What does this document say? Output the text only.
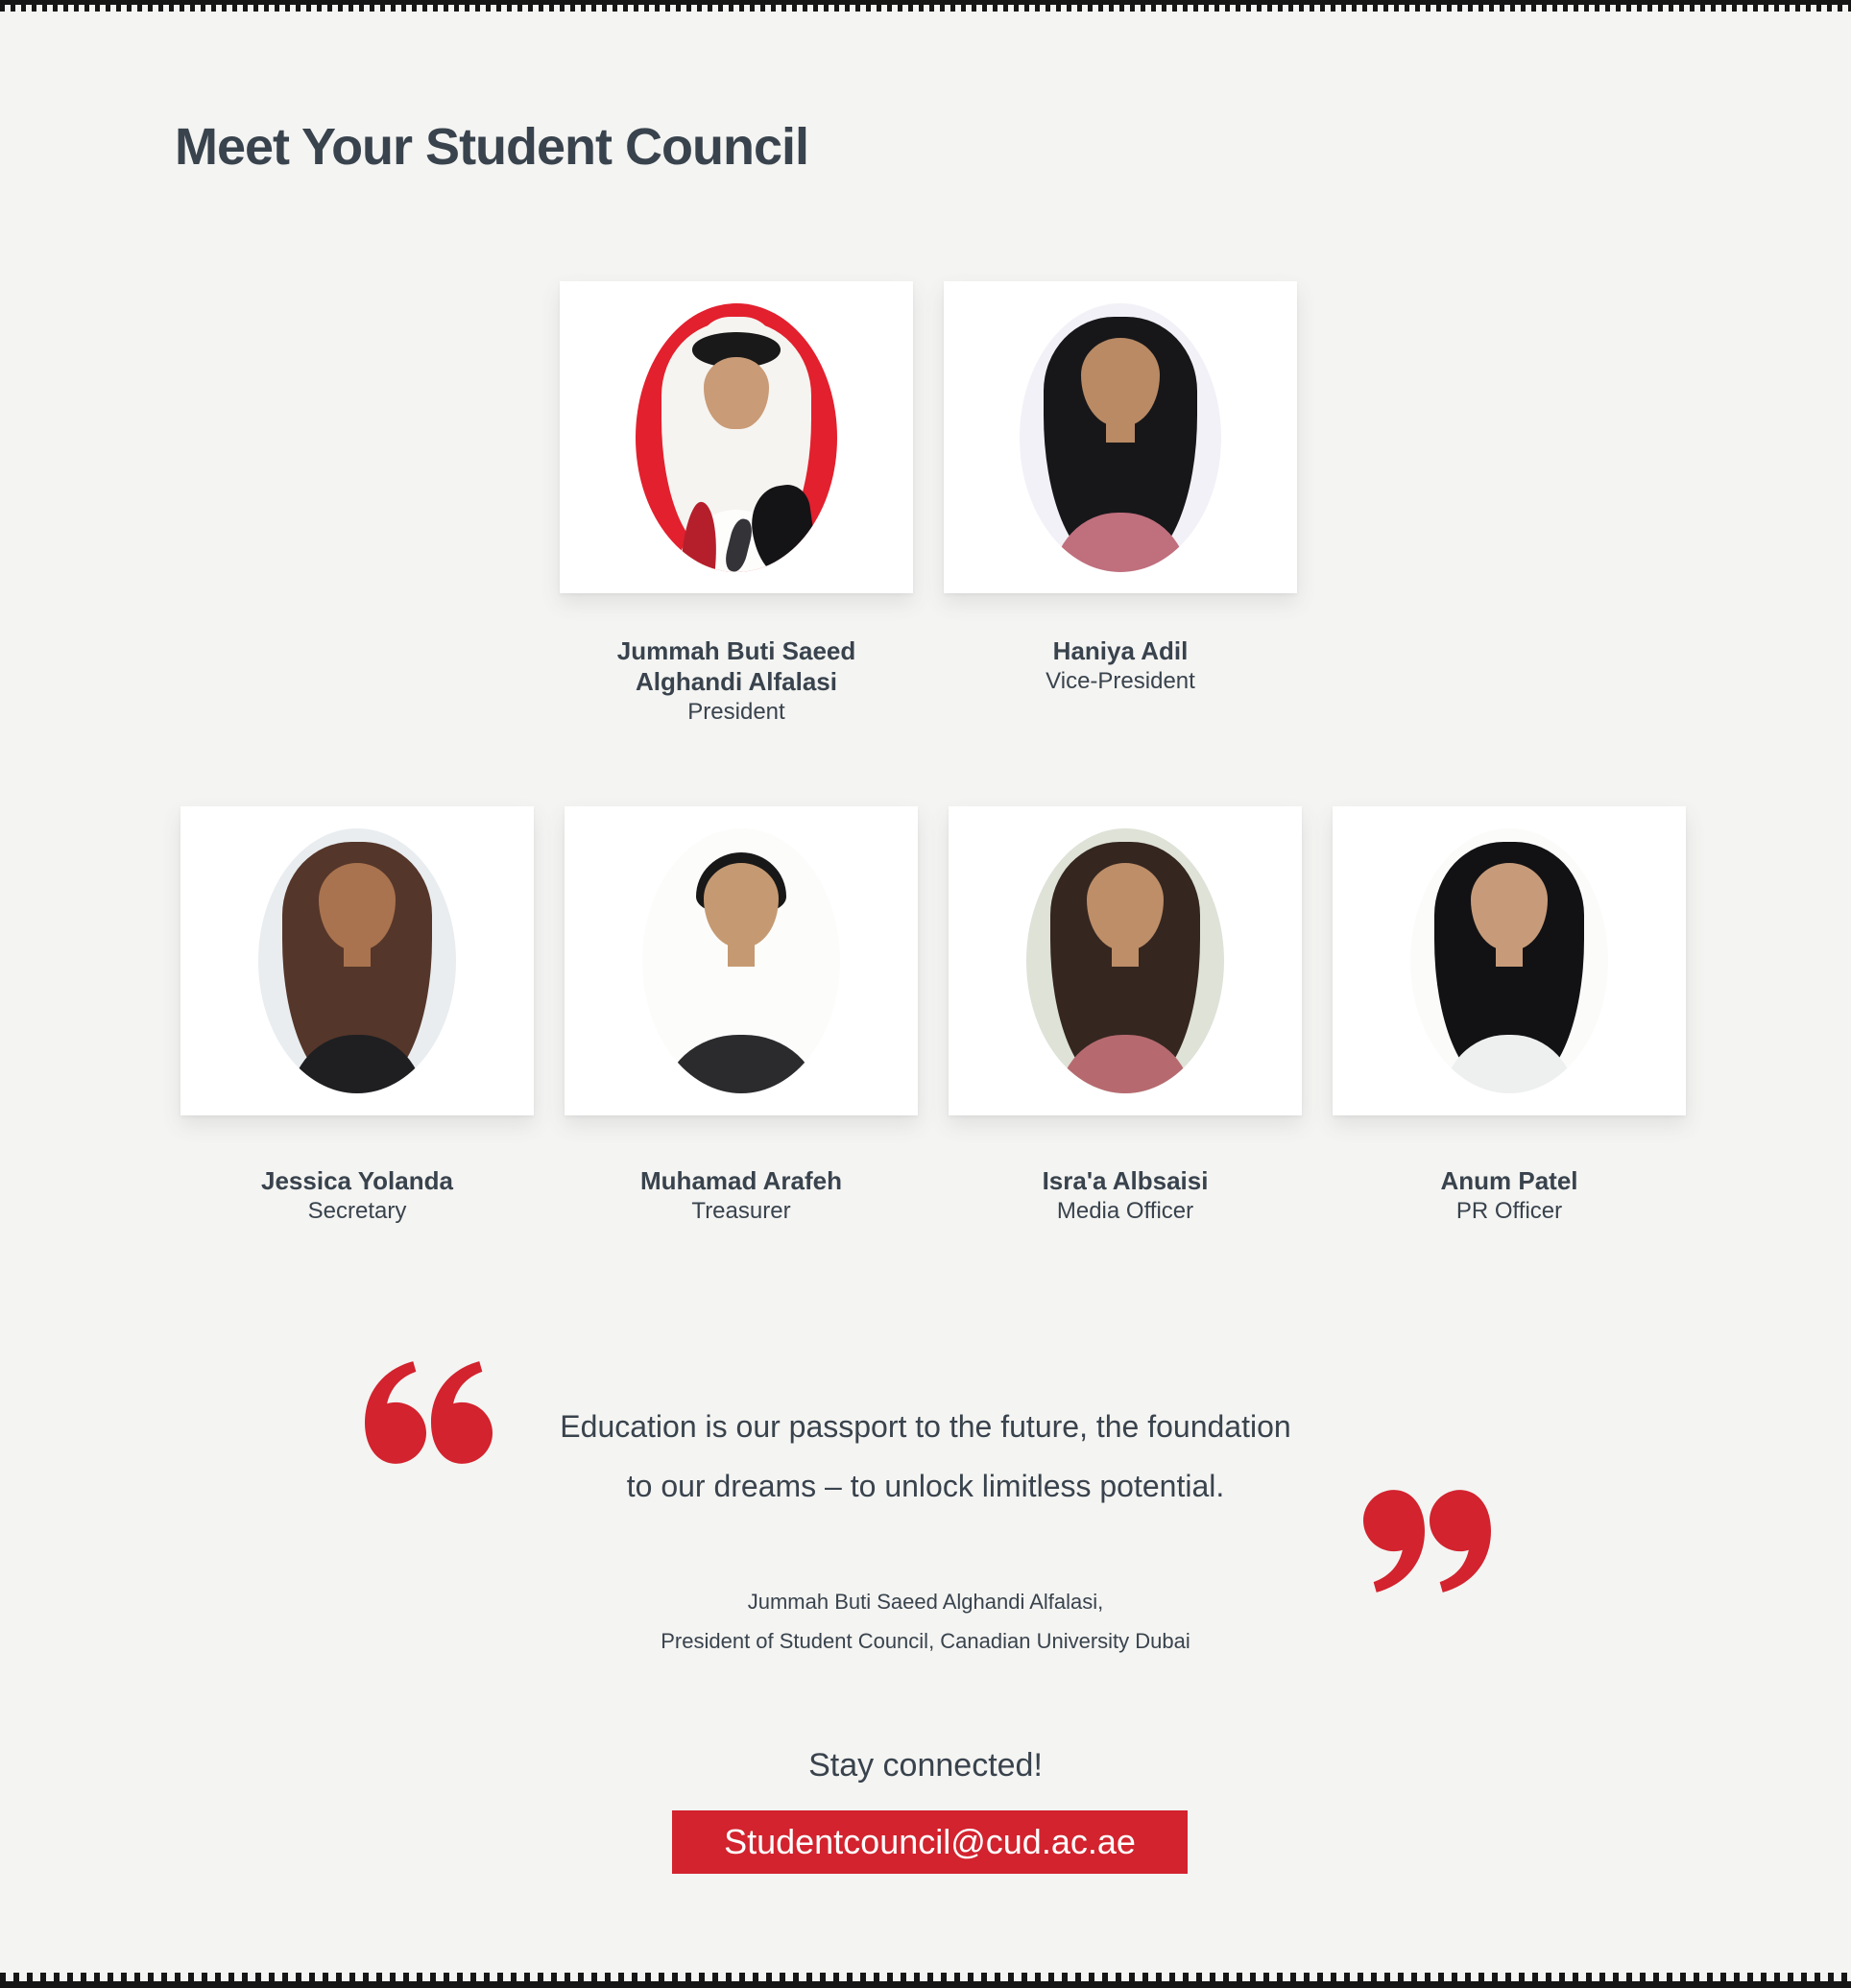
Meet Your Student Council
Jummah Buti Saeed Alghandi Alfalasi
President
Haniya Adil
Vice-President
Jessica Yolanda
Secretary
Muhamad Arafeh
Treasurer
Isra'a Albsaisi
Media Officer
Anum Patel
PR Officer

Education is our passport to the future, the foundation

to our dreams – to unlock limitless potential.

Jummah Buti Saeed Alghandi Alfalasi,

President of Student Council, Canadian University Dubai

Stay connected!

Studentcouncil@cud.ac.ae
